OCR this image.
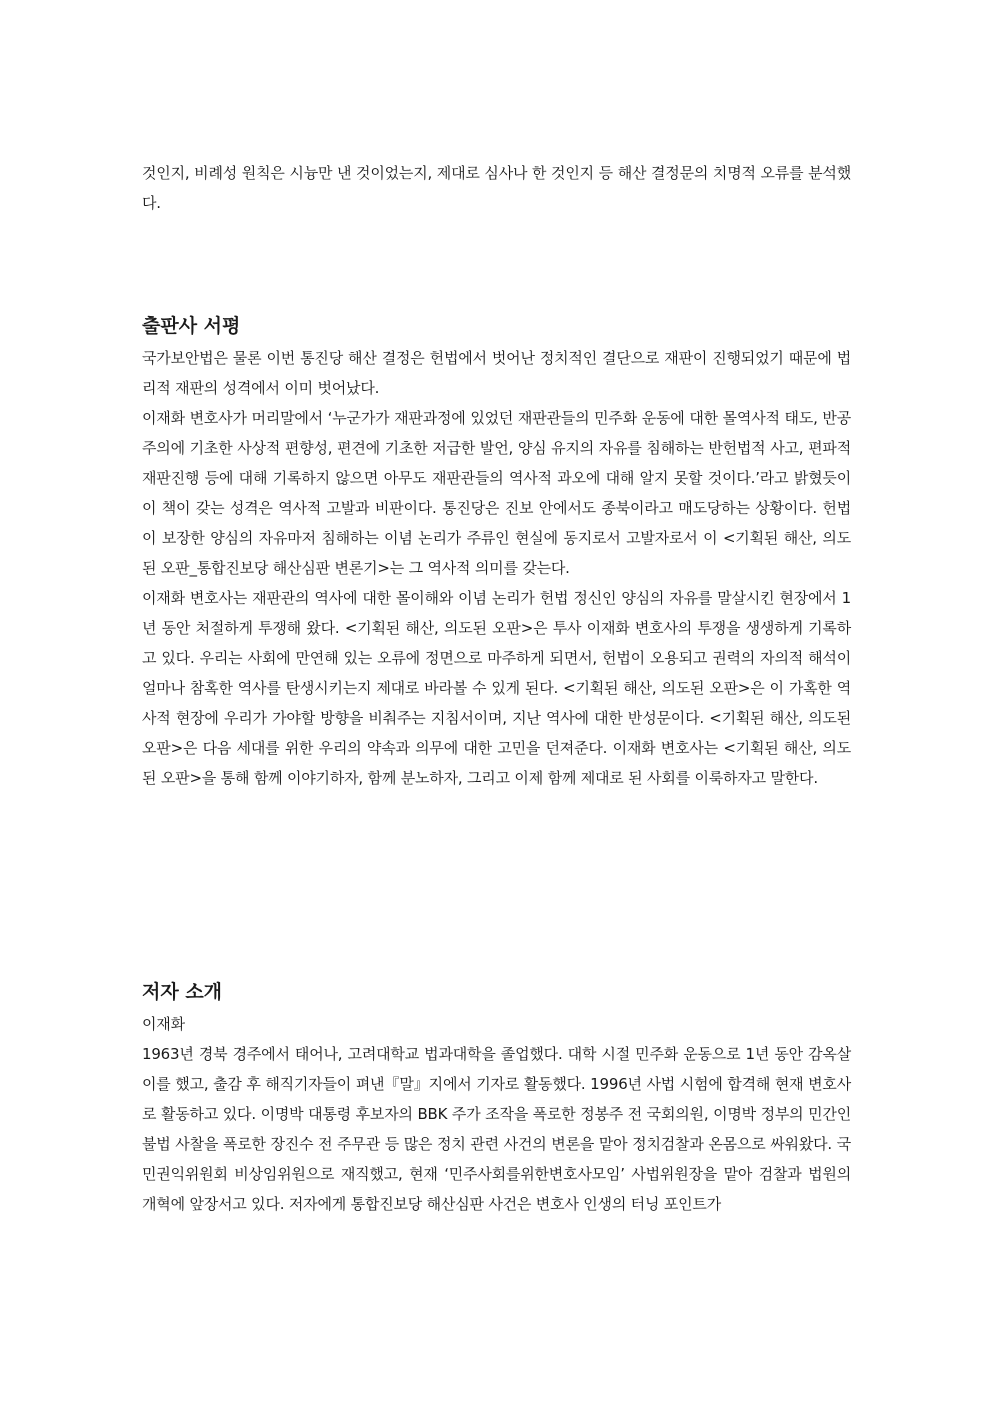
것인지, 비례성 원칙은 시늉만 낸 것이었는지, 제대로 심사나 한 것인지 등 해산 결정문의 치명적 오류를 분석했다.

출판사 서평

국가보안법은 물론 이번 통진당 해산 결정은 헌법에서 벗어난 정치적인 결단으로 재판이 진행되었기 때문에 법리적 재판의 성격에서 이미 벗어났다.

이재화 변호사가 머리말에서 ‘누군가가 재판과정에 있었던 재판관들의 민주화 운동에 대한 몰역사적 태도, 반공주의에 기초한 사상적 편향성, 편견에 기초한 저급한 발언, 양심 유지의 자유를 침해하는 반헌법적 사고, 편파적 재판진행 등에 대해 기록하지 않으면 아무도 재판관들의 역사적 과오에 대해 알지 못할 것이다.’라고 밝혔듯이 이 책이 갖는 성격은 역사적 고발과 비판이다. 통진당은 진보 안에서도 종북이라고 매도당하는 상황이다. 헌법이 보장한 양심의 자유마저 침해하는 이념 논리가 주류인 현실에 동지로서 고발자로서 이 <기획된 해산, 의도된 오판_통합진보당 해산심판 변론기>는 그 역사적 의미를 갖는다.

이재화 변호사는 재판관의 역사에 대한 몰이해와 이념 논리가 헌법 정신인 양심의 자유를 말살시킨 현장에서 1년 동안 처절하게 투쟁해 왔다. <기획된 해산, 의도된 오판>은 투사 이재화 변호사의 투쟁을 생생하게 기록하고 있다. 우리는 사회에 만연해 있는 오류에 정면으로 마주하게 되면서, 헌법이 오용되고 권력의 자의적 해석이 얼마나 참혹한 역사를 탄생시키는지 제대로 바라볼 수 있게 된다. <기획된 해산, 의도된 오판>은 이 가혹한 역사적 현장에 우리가 가야할 방향을 비춰주는 지침서이며, 지난 역사에 대한 반성문이다. <기획된 해산, 의도된 오판>은 다음 세대를 위한 우리의 약속과 의무에 대한 고민을 던져준다. 이재화 변호사는 <기획된 해산, 의도된 오판>을 통해 함께 이야기하자, 함께 분노하자, 그리고 이제 함께 제대로 된 사회를 이룩하자고 말한다.

저자 소개

이재화

1963년 경북 경주에서 태어나, 고려대학교 법과대학을 졸업했다. 대학 시절 민주화 운동으로 1년 동안 감옥살이를 했고, 출감 후 해직기자들이 펴낸『말』지에서 기자로 활동했다. 1996년 사법 시험에 합격해 현재 변호사로 활동하고 있다. 이명박 대통령 후보자의 BBK 주가 조작을 폭로한 정봉주 전 국회의원, 이명박 정부의 민간인 불법 사찰을 폭로한 장진수 전 주무관 등 많은 정치 관련 사건의 변론을 맡아 정치검찰과 온몸으로 싸워왔다. 국민권익위원회 비상임위원으로 재직했고, 현재 ‘민주사회를위한변호사모임’ 사법위원장을 맡아 검찰과 법원의 개혁에 앞장서고 있다. 저자에게 통합진보당 해산심판 사건은 변호사 인생의 터닝 포인트가
